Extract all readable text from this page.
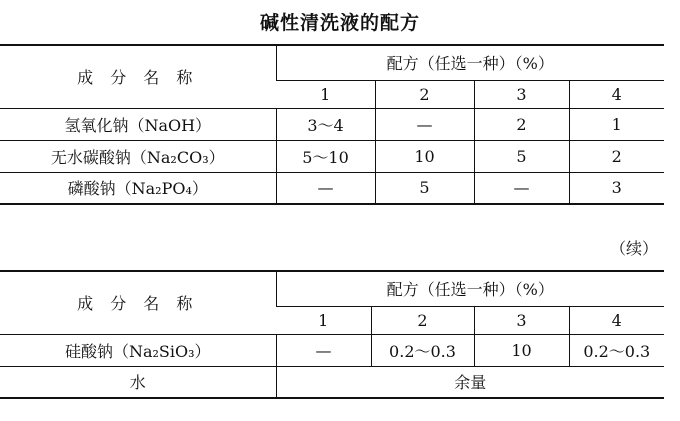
碱性清洗液的配方
成 分 名 称	配方（任选一种）（%）			
	1	2	3	4
氢氧化钠（NaOH）	3～4	—	2	1
无水碳酸钠（Na₂CO₃）	5～10	10	5	2
磷酸钠（Na₂PO₄）	—	5	—	3
（续）
成 分 名 称	配方（任选一种）（%）			
	1	2	3	4
硅酸钠（Na₂SiO₃）	—	0.2～0.3	10	0.2～0.3
水	余量			
